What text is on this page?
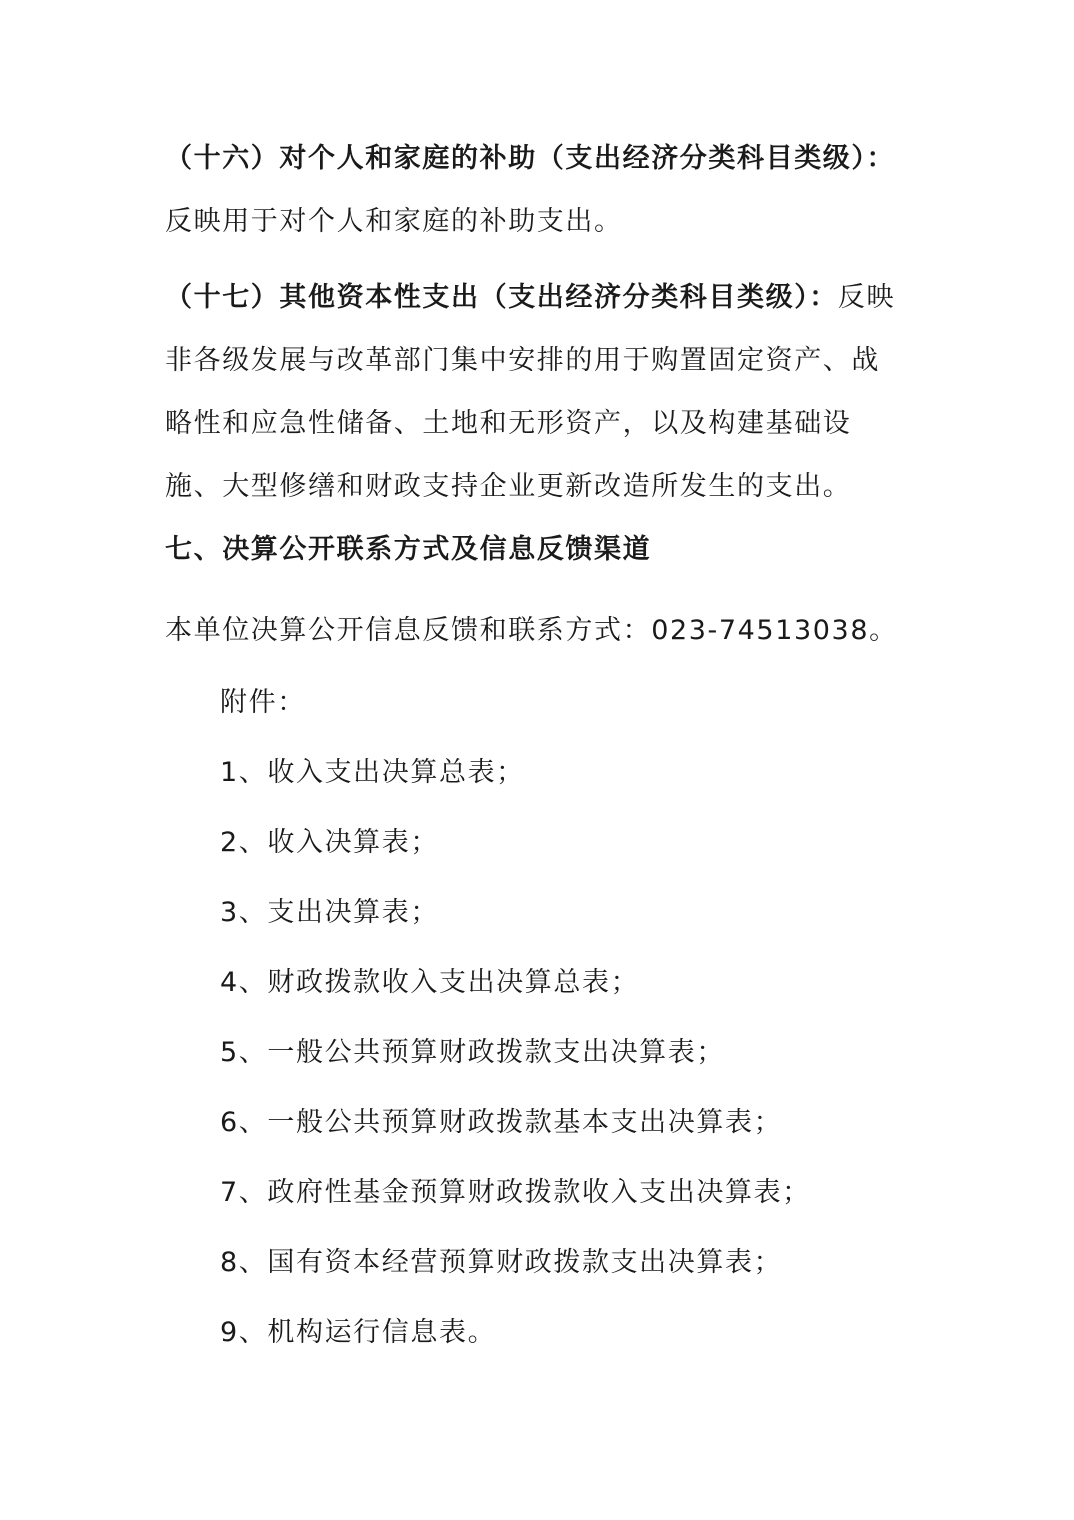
（十六）对个人和家庭的补助（支出经济分类科目类级）：反映用于对个人和家庭的补助支出。

（十七）其他资本性支出（支出经济分类科目类级）：反映非各级发展与改革部门集中安排的用于购置固定资产、战略性和应急性储备、土地和无形资产，以及构建基础设施、大型修缮和财政支持企业更新改造所发生的支出。

七、决算公开联系方式及信息反馈渠道

本单位决算公开信息反馈和联系方式：023-74513038。

附件：

1、收入支出决算总表；

2、收入决算表；

3、支出决算表；

4、财政拨款收入支出决算总表；

5、一般公共预算财政拨款支出决算表；

6、一般公共预算财政拨款基本支出决算表；

7、政府性基金预算财政拨款收入支出决算表；

8、国有资本经营预算财政拨款支出决算表；

9、机构运行信息表。
